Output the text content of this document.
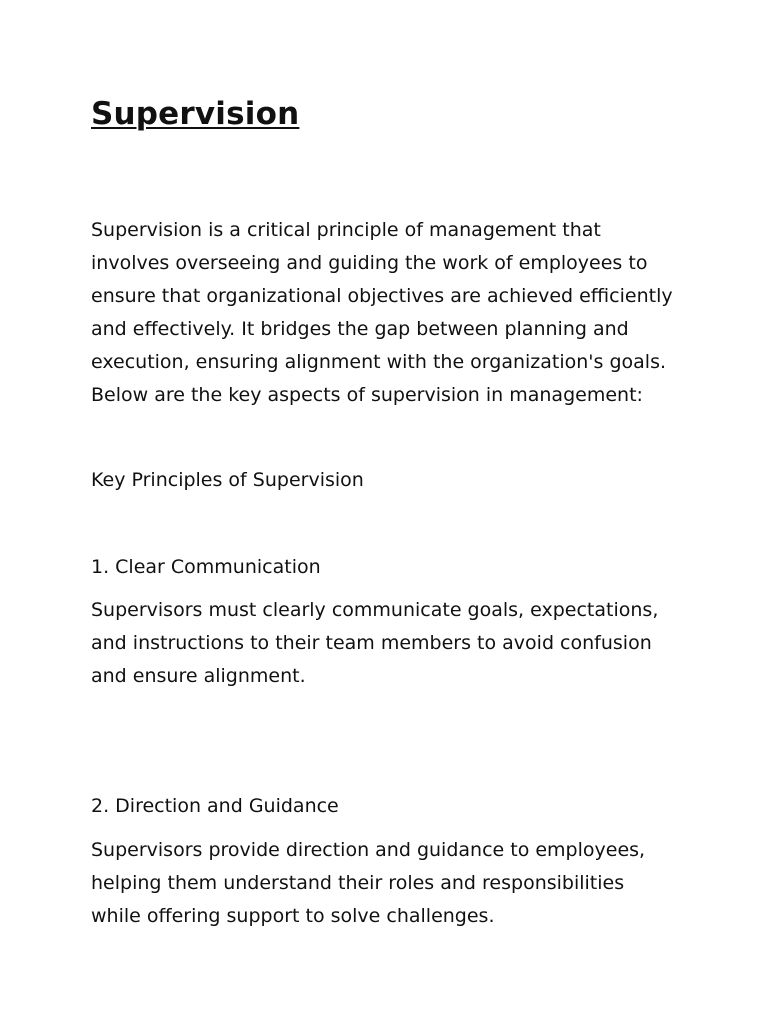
Supervision

Supervision is a critical principle of management that
involves overseeing and guiding the work of employees to
ensure that organizational objectives are achieved efficiently
and effectively. It bridges the gap between planning and
execution, ensuring alignment with the organization's goals.
Below are the key aspects of supervision in management:

Key Principles of Supervision
1. Clear Communication

Supervisors must clearly communicate goals, expectations,
and instructions to their team members to avoid confusion
and ensure alignment.

2. Direction and Guidance

Supervisors provide direction and guidance to employees,
helping them understand their roles and responsibilities
while offering support to solve challenges.
